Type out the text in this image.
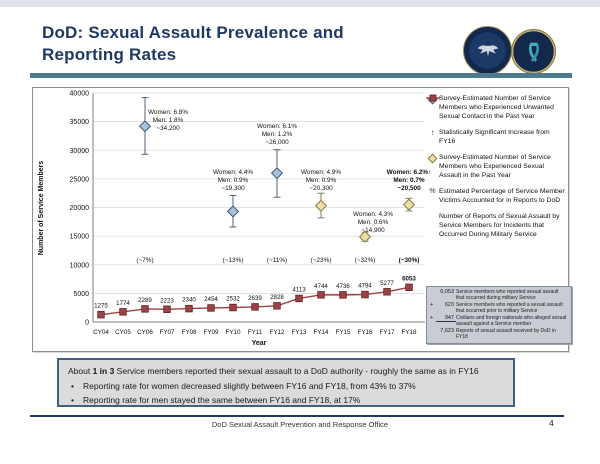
DoD: Sexual Assault Prevalence and
Reporting Rates
0
5000
10000
15000
20000
25000
30000
35000
40000
Number of Service Members
CY04 CY05 CY06 FY07 FY08 FY09 FY10 FY11 FY12 FY13 FY14 FY15 FY16 FY17 FY18
Year
1275 1774 2289 2223 2340 2454 2532 2639 2828
4113
4744 4736 4794 5277
6053
Women: 6.8% Men: 1.8% ~34,200
Women: 4.4% Men: 0.9% ~19,300
Women: 6.1% Men: 1.2% ~26,000
Women: 4.9% Men: 0.9% ~20,300
Women: 4.3% Men: 0.6% ~14,900
Women: 6.2%↑ Men: 0.7% ~20,500
(~7%)	(~13%)	(~11%)	(~23%)	(~32%)	(~30%)
Survey-Estimated Number of Service Members who Experienced Unwanted Sexual Contact in the Past Year
↑ Statistically Significant Increase from FY16
Survey-Estimated Number of Service Members who Experienced Sexual Assault in the Past Year
% Estimated Percentage of Service Member Victims Accounted for in Reports to DoD
Number of Reports of Sexual Assault by Service Members for Incidents that Occurred During Military Service
6,053 Service members who reported sexual assault that occurred during military Service
+	623 Service members who reported a sexual assault that occurred prior to military Service
+	947 Civilians and foreign nationals who alleged sexual assault against a Service member
7,623 Reports of sexual assault received by DoD in FY18
About 1 in 3 Service members reported their sexual assault to a DoD authority - roughly the same as in FY16
•	Reporting rate for women decreased slightly between FY16 and FY18, from 43% to 37%
•	Reporting rate for men stayed the same between FY16 and FY18, at 17%
DoD Sexual Assault Prevention and Response Office	4
